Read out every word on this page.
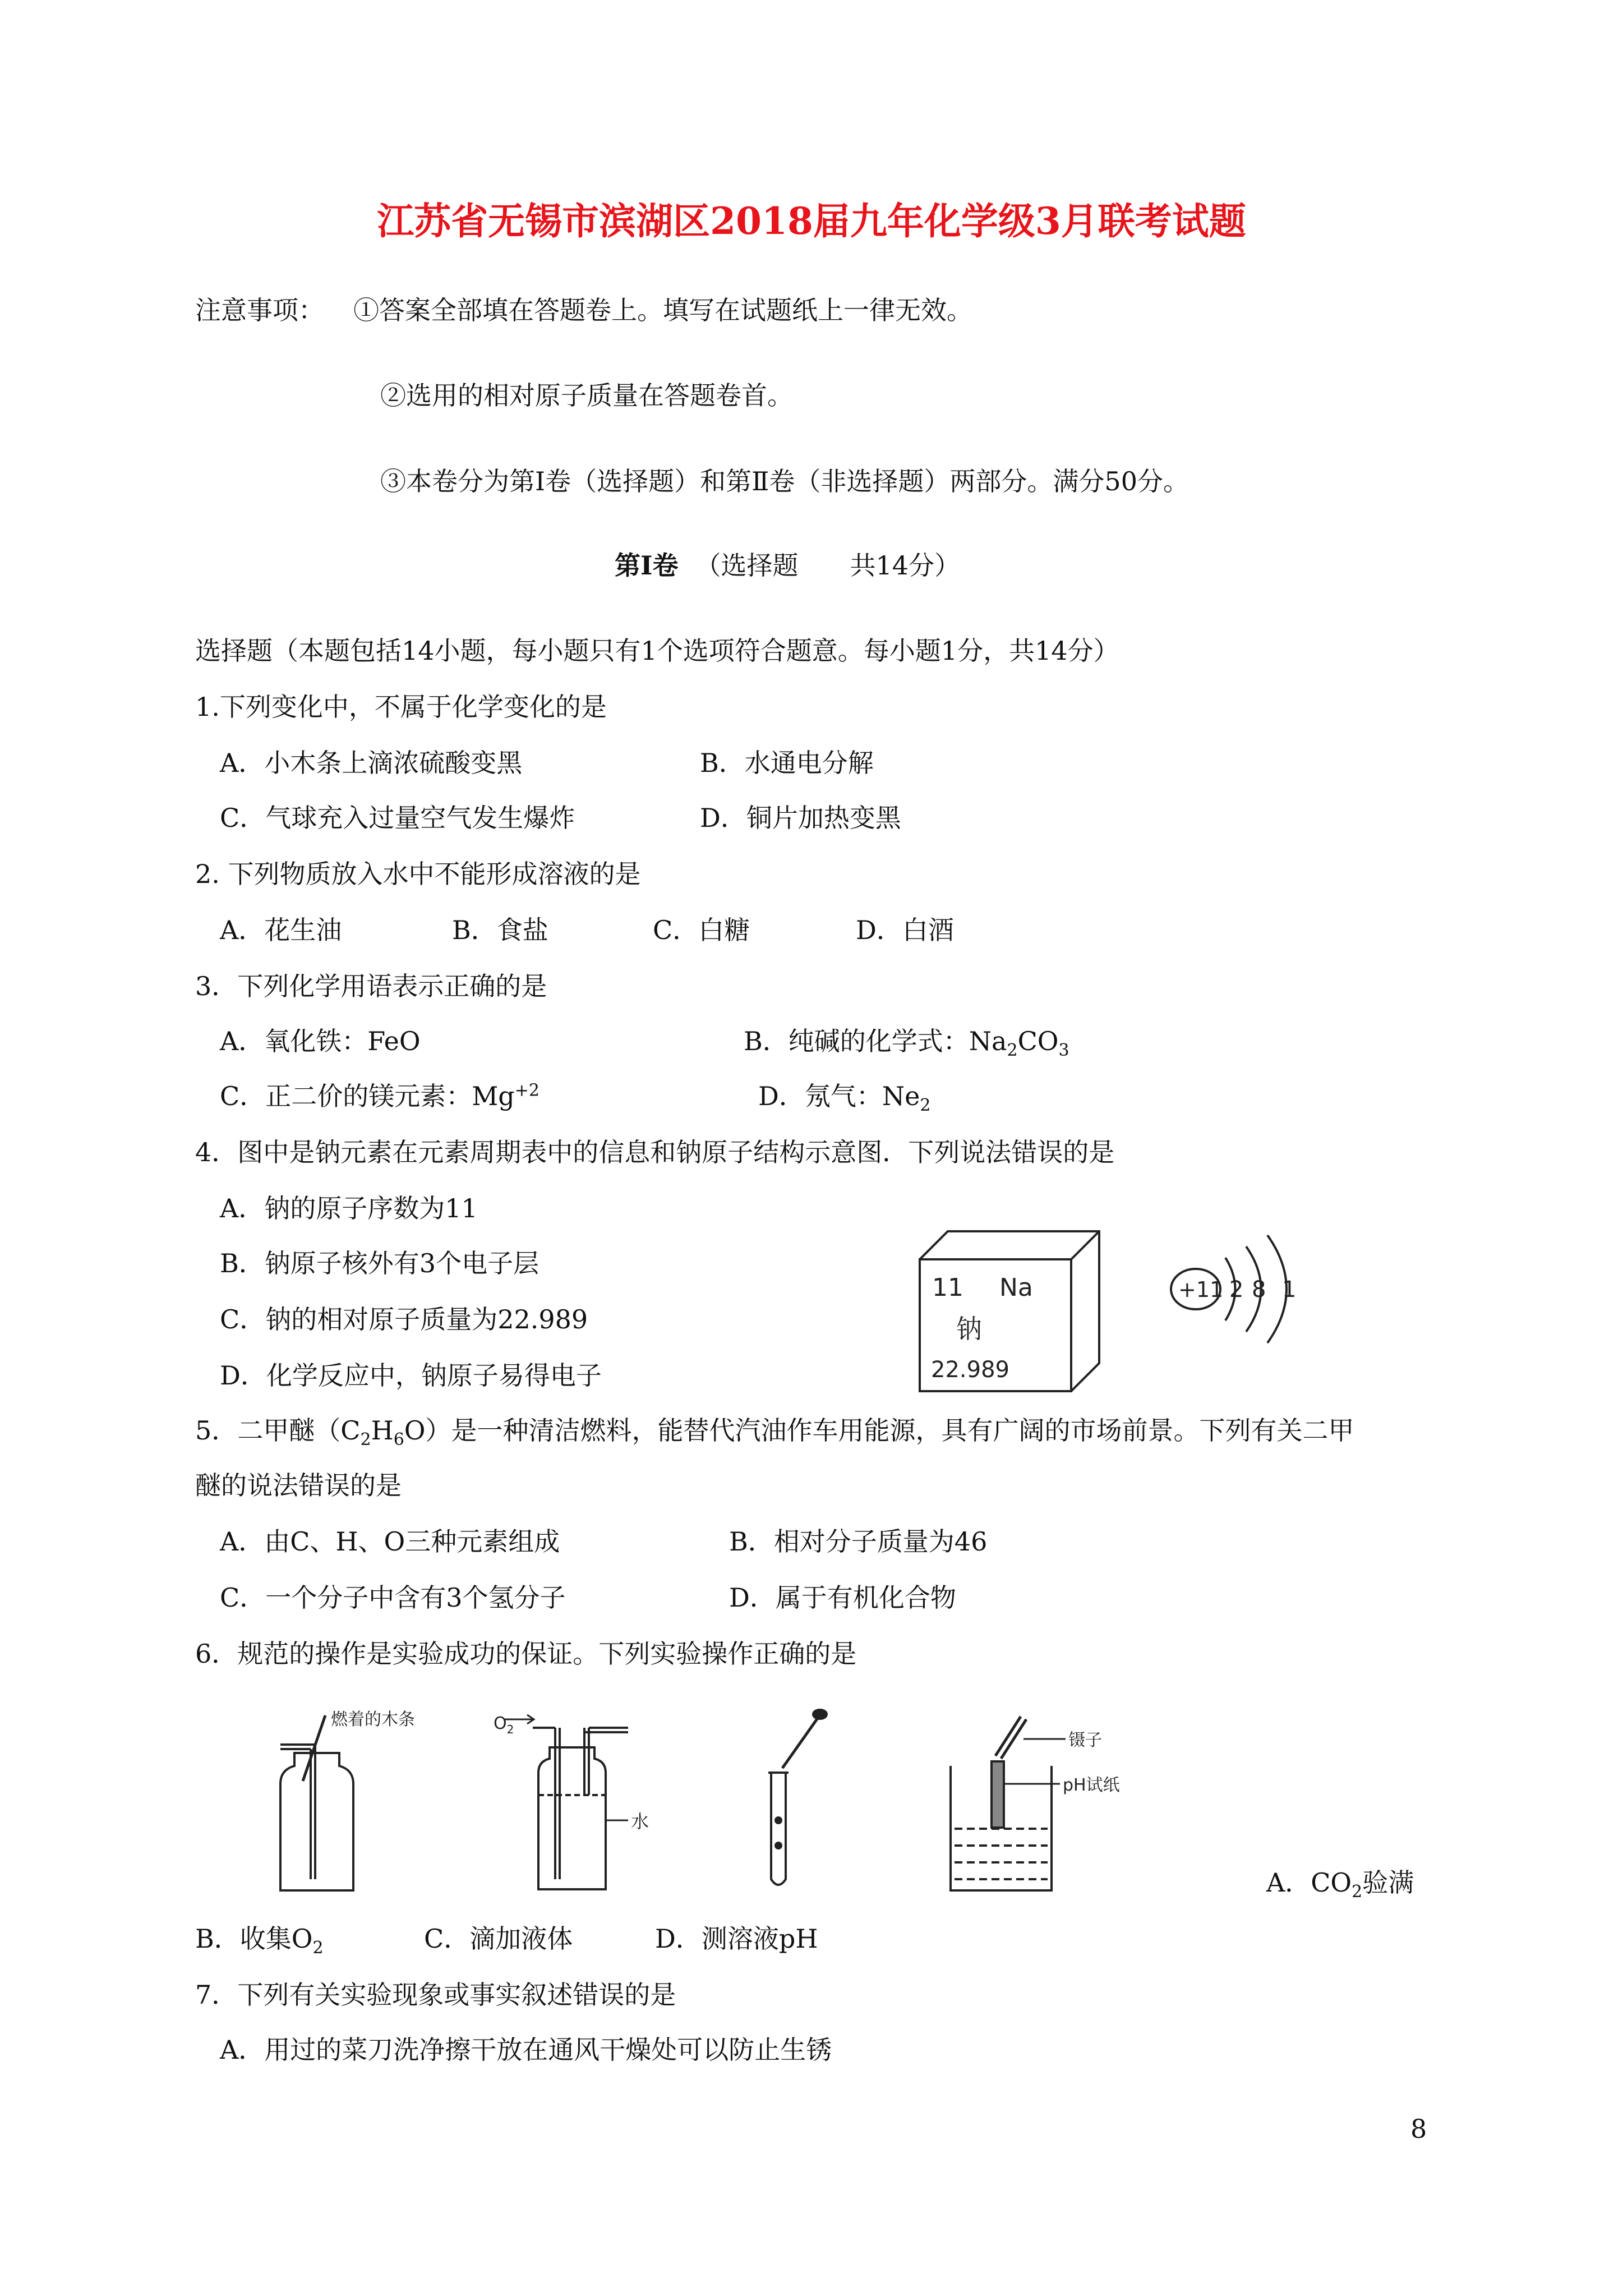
江苏省无锡市滨湖区2018届九年化学级3月联考试题
注意事项： ①答案全部填在答题卷上。填写在试题纸上一律无效。
②选用的相对原子质量在答题卷首。
③本卷分为第Ⅰ卷（选择题）和第Ⅱ卷（非选择题）两部分。满分50分。
第Ⅰ卷 （选择题　　共14分）
选择题（本题包括14小题，每小题只有1个选项符合题意。每小题1分，共14分）
1.下列变化中，不属于化学变化的是
A．小木条上滴浓硫酸变黑	B．水通电分解
C．气球充入过量空气发生爆炸	D．铜片加热变黑
2. 下列物质放入水中不能形成溶液的是
A．花生油	B．食盐	C．白糖	D．白酒
3．下列化学用语表示正确的是
A．氧化铁：FeO	B．纯碱的化学式：$Na_2CO_3$
C．正二价的镁元素：$Mg^{+2}$	D．氖气：$Ne_2$
4．图中是钠元素在元素周期表中的信息和钠原子结构示意图．下列说法错误的是
A．钠的原子序数为11
B．钠原子核外有3个电子层
C．钠的相对原子质量为22.989
D．化学反应中，钠原子易得电子
11 Na
钠
22.989
+11 2 8 1
5．二甲醚$(C_2H_6O)$是一种清洁燃料，能替代汽油作车用能源，具有广阔的市场前景。下列有关二甲
醚的说法错误的是
A．由C、H、O三种元素组成	B．相对分子质量为46
C．一个分子中含有3个氢分子	D．属于有机化合物
6．规范的操作是实验成功的保证。下列实验操作正确的是
燃着的木条	$O_2$
水
镊子
pH试纸
A．$CO_2$验满
B．收集$O_2$	C．滴加液体	D．测溶液pH
7．下列有关实验现象或事实叙述错误的是
A．用过的菜刀洗净擦干放在通风干燥处可以防止生锈
8
